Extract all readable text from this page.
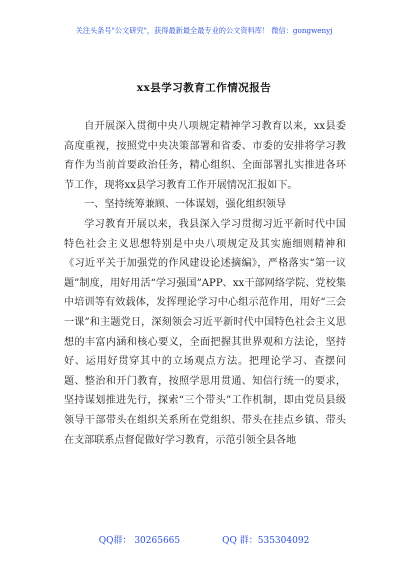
关注头条号"公文研究"，获得最新最全最专业的公文资料库！ 微信：gongwenyj
xx县学习教育工作情况报告

自开展深入贯彻中央八项规定精神学习教育以来，xx县委高度重视，按照党中央决策部署和省委、市委的安排将学习教育作为当前首要政治任务，精心组织、全面部署扎实推进各环节工作，现将xx县学习教育工作开展情况汇报如下。

一、坚持统筹兼顾、一体谋划，强化组织领导

学习教育开展以来，我县深入学习贯彻习近平新时代中国特色社会主义思想特别是中央八项规定及其实施细则精神和《习近平关于加强党的作风建设论述摘编》，严格落实“第一议题”制度，用好用活“学习强国”APP、xx干部网络学院、党校集中培训等有效载体，发挥理论学习中心组示范作用，用好“三会一课”和主题党日，深刻领会习近平新时代中国特色社会主义思想的丰富内涵和核心要义，全面把握其世界观和方法论，坚持好、运用好贯穿其中的立场观点方法。把理论学习、查摆问题、整治和开门教育，按照学思用贯通、知信行统一的要求，坚持谋划推进先行，探索“三个带头”工作机制，即由党员县级领导干部带头在组织关系所在党组织、带头在挂点乡镇、带头在支部联系点督促做好学习教育，示范引领全县各地

QQ群： 30265665	QQ 群：535304092
